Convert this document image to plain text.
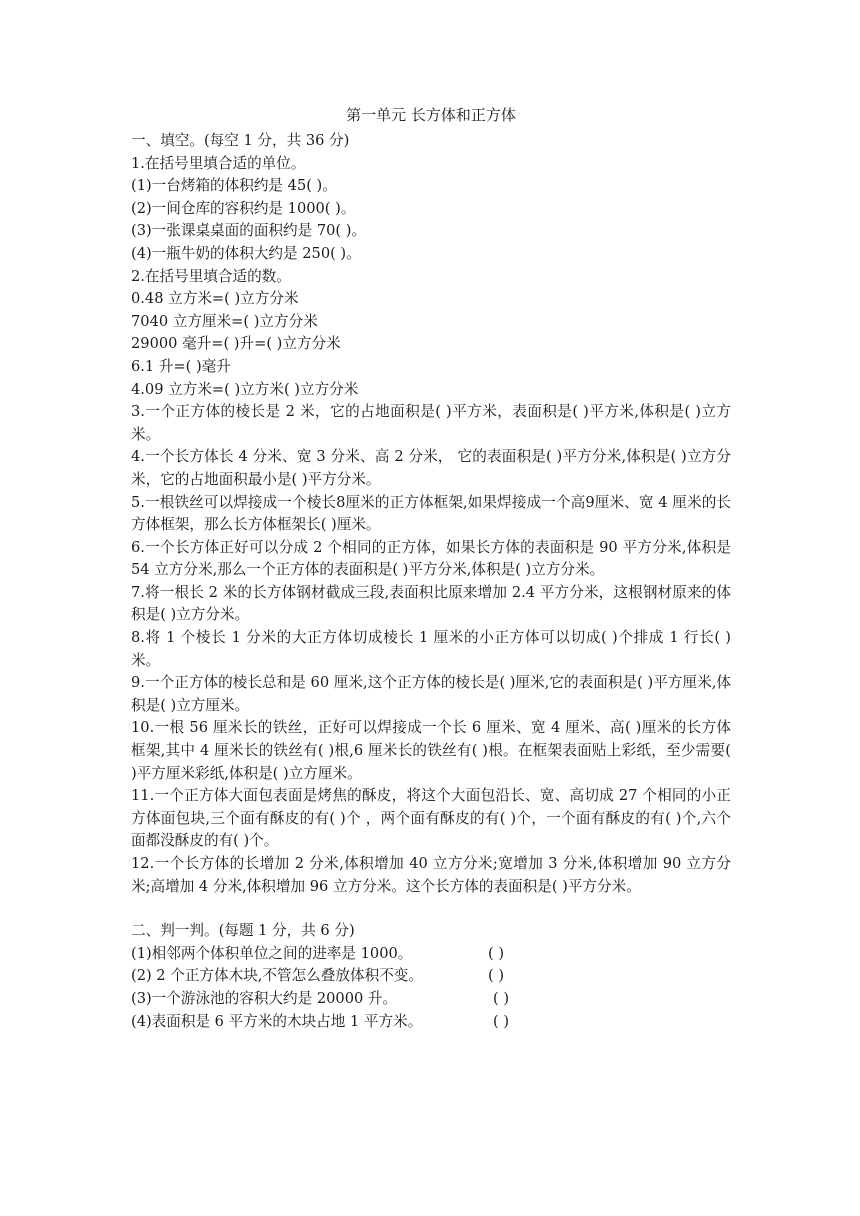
第一单元 长方体和正方体

一、填空。(每空 1 分，共 36 分)

1.在括号里填合适的单位。

(1)一台烤箱的体积约是 45( )。

(2)一间仓库的容积约是 1000( )。

(3)一张课桌桌面的面积约是 70( )。

(4)一瓶牛奶的体积大约是 250( )。

2.在括号里填合适的数。

0.48 立方米=( )立方分米

7040 立方厘米=( )立方分米

29000 毫升=( )升=( )立方分米

6.1 升=( )毫升

4.09 立方米=( )立方米( )立方分米

3.一个正方体的棱长是 2 米，它的占地面积是( )平方米，表面积是( )平方米,体积是( )立方米。

4.一个长方体长 4 分米、宽 3 分米、高 2 分米， 它的表面积是( )平方分米,体积是( )立方分米，它的占地面积最小是( )平方分米。

5.一根铁丝可以焊接成一个棱长8厘米的正方体框架,如果焊接成一个高9厘米、宽 4 厘米的长方体框架，那么长方体框架长( )厘米。

6.一个长方体正好可以分成 2 个相同的正方体，如果长方体的表面积是 90 平方分米,体积是 54 立方分米,那么一个正方体的表面积是( )平方分米,体积是( )立方分米。

7.将一根长 2 米的长方体钢材截成三段,表面积比原来增加 2.4 平方分米，这根钢材原来的体积是( )立方分米。

8.将 1 个棱长 1 分米的大正方体切成棱长 1 厘米的小正方体可以切成( )个排成 1 行长( )米。

9.一个正方体的棱长总和是 60 厘米,这个正方体的棱长是( )厘米,它的表面积是( )平方厘米,体积是( )立方厘米。

10.一根 56 厘米长的铁丝，正好可以焊接成一个长 6 厘米、宽 4 厘米、高( )厘米的长方体框架,其中 4 厘米长的铁丝有( )根,6 厘米长的铁丝有( )根。在框架表面贴上彩纸，至少需要( )平方厘米彩纸,体积是( )立方厘米。

11.一个正方体大面包表面是烤焦的酥皮，将这个大面包沿长、宽、高切成 27 个相同的小正方体面包块,三个面有酥皮的有( )个 ，两个面有酥皮的有( )个，一个面有酥皮的有( )个,六个面都没酥皮的有( )个。

12.一个长方体的长增加 2 分米,体积增加 40 立方分米;宽增加 3 分米,体积增加 90 立方分米;高增加 4 分米,体积增加 96 立方分米。这个长方体的表面积是( )平方分米。

二、判一判。(每题 1 分，共 6 分)

(1)相邻两个体积单位之间的进率是 1000。	( )
(2) 2 个正方体木块,不管怎么叠放体积不变。	( )
(3)一个游泳池的容积大约是 20000 升。	( )
(4)表面积是 6 平方米的木块占地 1 平方米。	( )
